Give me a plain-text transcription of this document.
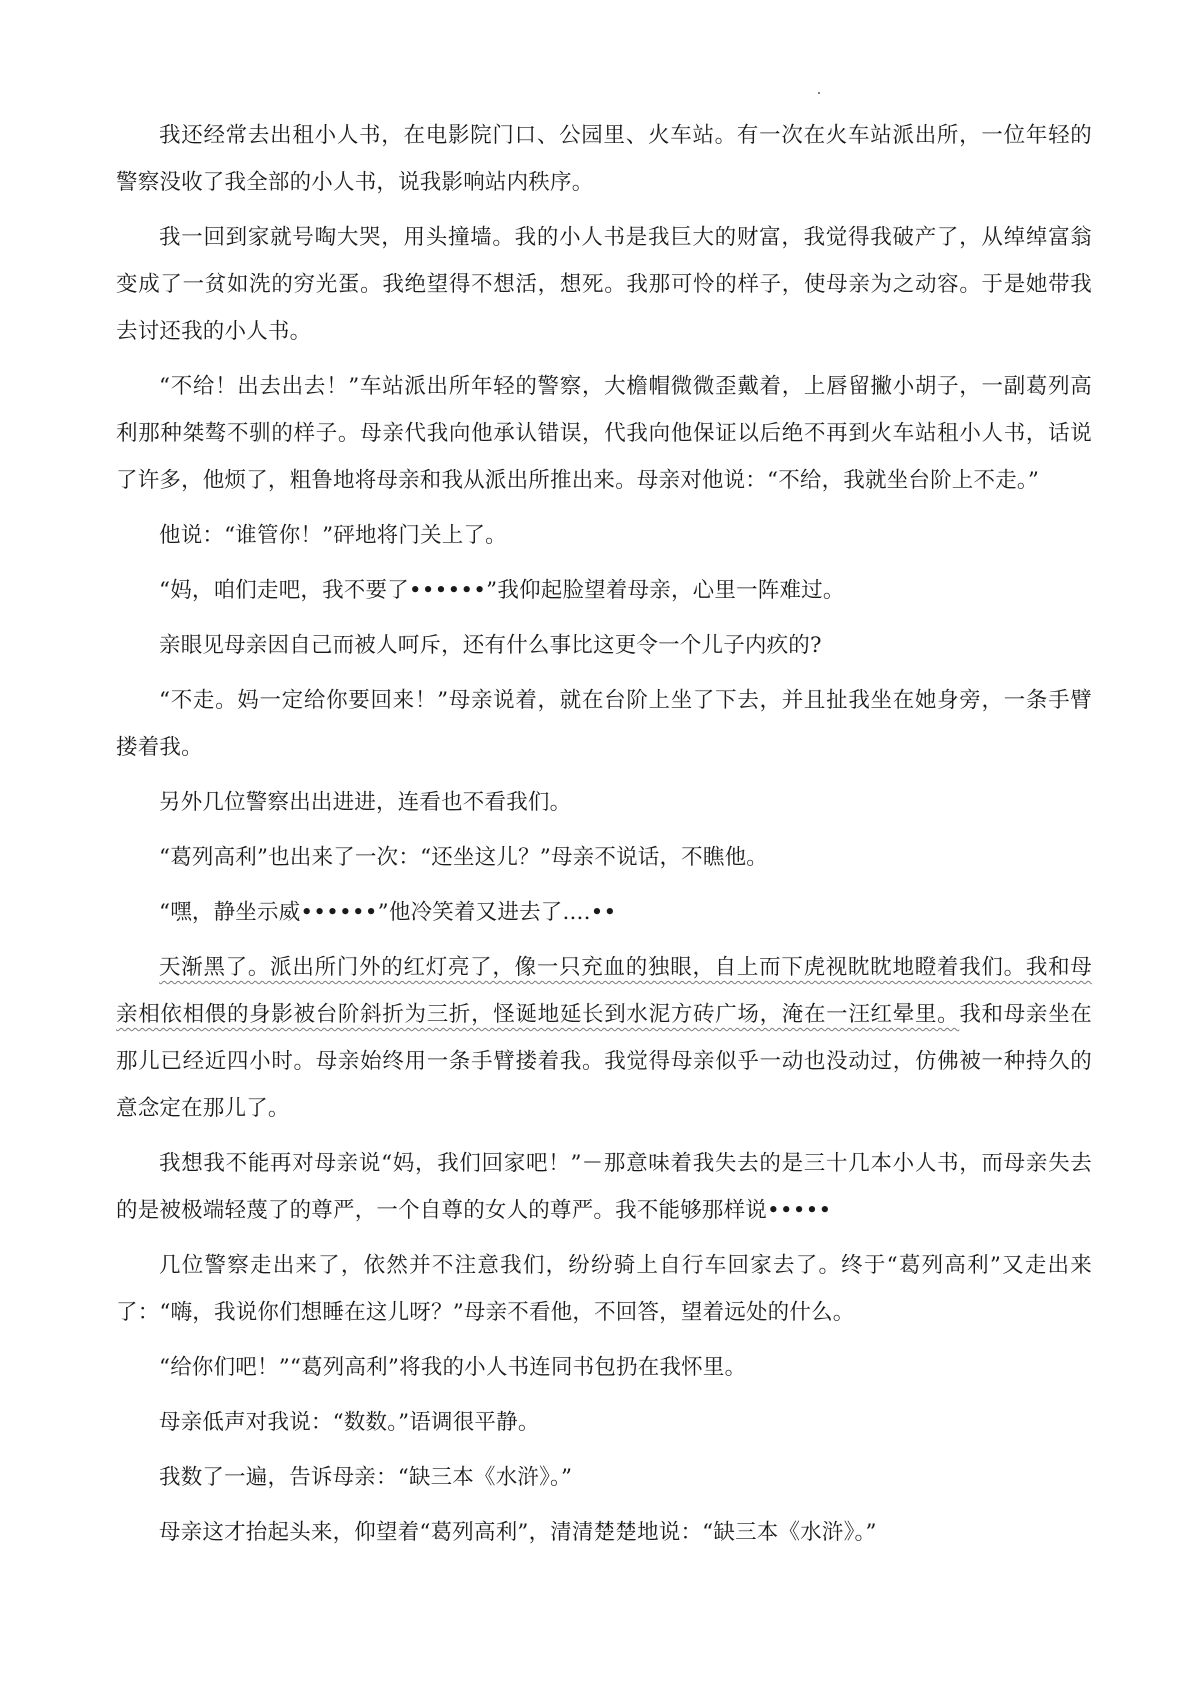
我还经常去出租小人书，在电影院门口、公园里、火车站。有一次在火车站派出所，一位年轻的警察没收了我全部的小人书，说我影响站内秩序。

我一回到家就号啕大哭，用头撞墙。我的小人书是我巨大的财富，我觉得我破产了，从绰绰富翁变成了一贫如洗的穷光蛋。我绝望得不想活，想死。我那可怜的样子，使母亲为之动容。于是她带我去讨还我的小人书。

“不给！出去出去！”车站派出所年轻的警察，大檐帽微微歪戴着，上唇留撇小胡子，一副葛列高利那种桀骜不驯的样子。母亲代我向他承认错误，代我向他保证以后绝不再到火车站租小人书，话说了许多，他烦了，粗鲁地将母亲和我从派出所推出来。母亲对他说：“不给，我就坐台阶上不走。”

他说：“谁管你！”砰地将门关上了。

“妈，咱们走吧，我不要了••••••”我仰起脸望着母亲，心里一阵难过。

亲眼见母亲因自己而被人呵斥，还有什么事比这更令一个儿子内疚的?

“不走。妈一定给你要回来！”母亲说着，就在台阶上坐了下去，并且扯我坐在她身旁，一条手臂搂着我。

另外几位警察出出进进，连看也不看我们。

“葛列高利”也出来了一次：“还坐这儿？”母亲不说话，不瞧他。

“嘿，静坐示威••••••”他冷笑着又进去了....••

天渐黑了。派出所门外的红灯亮了，像一只充血的独眼，自上而下虎视眈眈地瞪着我们。我和母亲相依相偎的身影被台阶斜折为三折，怪诞地延长到水泥方砖广场，淹在一汪红晕里。我和母亲坐在那儿已经近四小时。母亲始终用一条手臂搂着我。我觉得母亲似乎一动也没动过，仿佛被一种持久的意念定在那儿了。

我想我不能再对母亲说“妈，我们回家吧！”－那意味着我失去的是三十几本小人书，而母亲失去的是被极端轻蔑了的尊严，一个自尊的女人的尊严。我不能够那样说•••••

几位警察走出来了，依然并不注意我们，纷纷骑上自行车回家去了。终于“葛列高利”又走出来了：“嗨，我说你们想睡在这儿呀？”母亲不看他，不回答，望着远处的什么。

“给你们吧！”“葛列高利”将我的小人书连同书包扔在我怀里。

母亲低声对我说：“数数。”语调很平静。

我数了一遍，告诉母亲：“缺三本《水浒》。”

母亲这才抬起头来，仰望着“葛列高利”，清清楚楚地说：“缺三本《水浒》。”
